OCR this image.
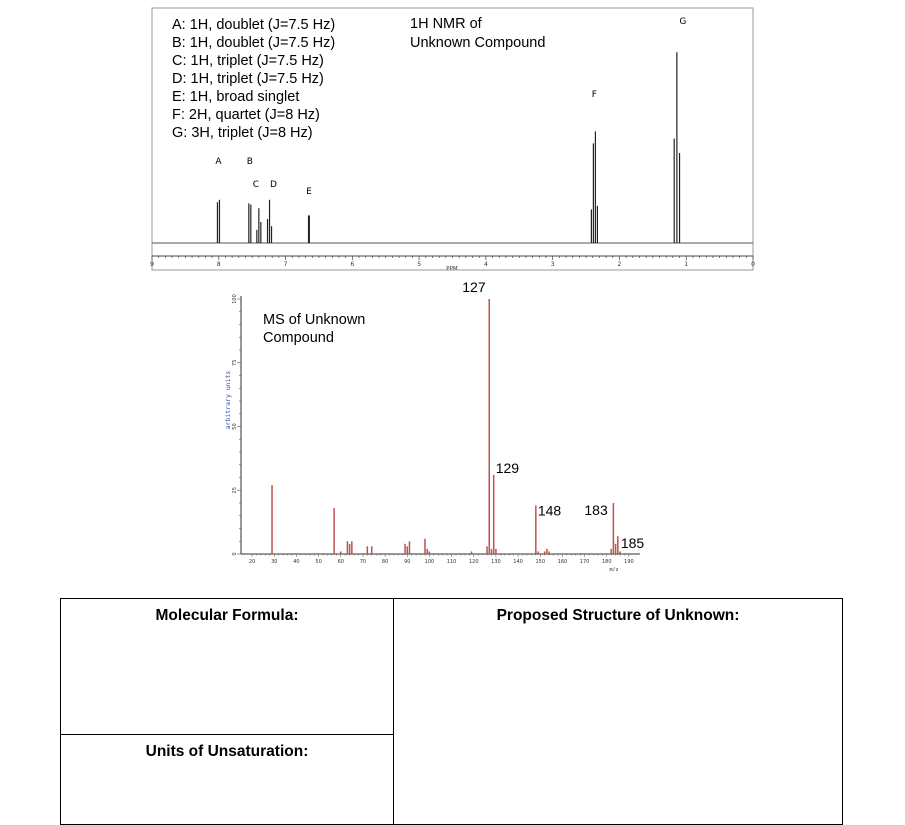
9	8	7	6	5	4	3	2	1	0
PPM
A	B
C D
E
F
G
A: 1H, doublet (J=7.5 Hz)
B: 1H, doublet (J=7.5 Hz)
C: 1H, triplet (J=7.5 Hz)
D: 1H, triplet (J=7.5 Hz)
E: 1H, broad singlet
F: 2H, quartet (J=8 Hz)
G: 3H, triplet (J=8 Hz)
1H NMR of
Unknown Compound
0
25
50
75
100
20	30	40	50	60	70	80	90	100	110	120	130	140	150	160	170	180	190
m/z
arbitrary units
127
129
148 183
185
MS of Unknown
Compound
Molecular Formula:	Proposed Structure of Unknown:
Units of Unsaturation:
